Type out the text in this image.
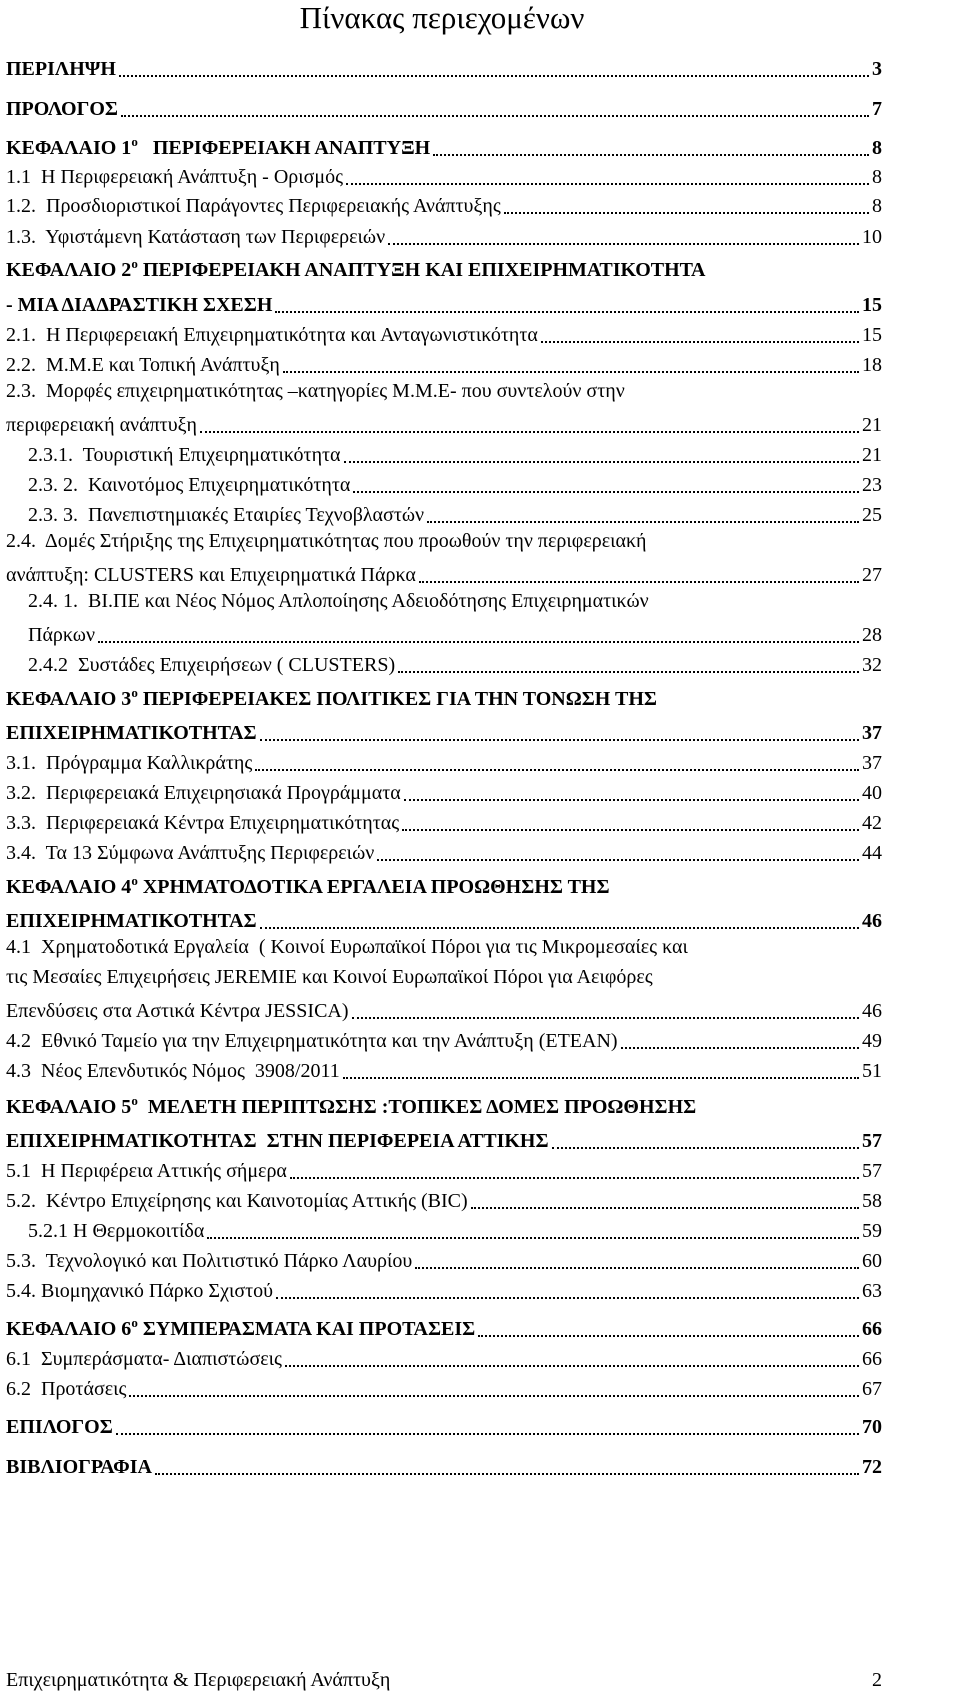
Πίνακας περιεχομένων
ΠΕΡΙΛΗΨΗ	3
ΠΡΟΛΟΓΟΣ	7
ΚΕΦΑΛΑΙΟ $1^o$   ΠΕΡΙΦΕΡΕΙΑΚΗ ΑΝΑΠΤΥΞΗ	8
1.1  Η Περιφερειακή Ανάπτυξη - Ορισμός	8
1.2.  Προσδιοριστικοί Παράγοντες Περιφερειακής Ανάπτυξης	8
1.3.  Υφιστάμενη Κατάσταση των Περιφερειών	10
ΚΕΦΑΛΑΙΟ $2^o$ ΠΕΡΙΦΕΡΕΙΑΚΗ ΑΝΑΠΤΥΞΗ ΚΑΙ ΕΠΙΧΕΙΡΗΜΑΤΙΚΟΤΗΤΑ
- ΜΙΑ ΔΙΑΔΡΑΣΤΙΚΗ ΣΧΕΣΗ	15
2.1.  Η Περιφερειακή Επιχειρηματικότητα και Ανταγωνιστικότητα	15
2.2.  Μ.Μ.Ε και Τοπική Ανάπτυξη	18
2.3.  Μορφές επιχειρηματικότητας –κατηγορίες Μ.Μ.Ε- που συντελούν στην
περιφερειακή ανάπτυξη	21
2.3.1.  Τουριστική Επιχειρηματικότητα	21
2.3. 2.  Καινοτόμος Επιχειρηματικότητα	23
2.3. 3.  Πανεπιστημιακές Εταιρίες Τεχνοβλαστών	25
2.4.  Δομές Στήριξης της Επιχειρηματικότητας που προωθούν την περιφερειακή
ανάπτυξη: CLUSTERS και Επιχειρηματικά Πάρκα	27
2.4. 1.  ΒΙ.ΠΕ και Νέος Νόμος Απλοποίησης Αδειοδότησης Επιχειρηματικών
Πάρκων	28
2.4.2  Συστάδες Επιχειρήσεων ( CLUSTERS)	32
ΚΕΦΑΛΑΙΟ $3^o$ ΠΕΡΙΦΕΡΕΙΑΚΕΣ ΠΟΛΙΤΙΚΕΣ ΓΙΑ ΤΗΝ ΤΟΝΩΣΗ ΤΗΣ
ΕΠΙΧΕΙΡΗΜΑΤΙΚΟΤΗΤΑΣ	37
3.1.  Πρόγραμμα Καλλικράτης	37
3.2.  Περιφερειακά Επιχειρησιακά Προγράμματα	40
3.3.  Περιφερειακά Κέντρα Επιχειρηματικότητας	42
3.4.  Τα 13 Σύμφωνα Ανάπτυξης Περιφερειών	44
ΚΕΦΑΛΑΙΟ $4^o$ ΧΡΗΜΑΤΟΔΟΤΙΚΑ ΕΡΓΑΛΕΙΑ ΠΡΟΩΘΗΣΗΣ ΤΗΣ
ΕΠΙΧΕΙΡΗΜΑΤΙΚΟΤΗΤΑΣ	46
4.1  Χρηματοδοτικά Εργαλεία  ( Κοινοί Ευρωπαϊκοί Πόροι για τις Μικρομεσαίες και
τις Μεσαίες Επιχειρήσεις JEREMIE και Κοινοί Ευρωπαϊκοί Πόροι για Αειφόρες
Επενδύσεις στα Αστικά Κέντρα JESSICA)	46
4.2  Εθνικό Ταμείο για την Επιχειρηματικότητα και την Ανάπτυξη (ΕΤΕΑΝ)	49
4.3  Νέος Επενδυτικός Νόμος  3908/2011	51
ΚΕΦΑΛΑΙΟ $5^o$  ΜΕΛΕΤΗ ΠΕΡΙΠΤΩΣΗΣ :ΤΟΠΙΚΕΣ ΔΟΜΕΣ ΠΡΟΩΘΗΣΗΣ
ΕΠΙΧΕΙΡΗΜΑΤΙΚΟΤΗΤΑΣ  ΣΤΗΝ ΠΕΡΙΦΕΡΕΙΑ ΑΤΤΙΚΗΣ	57
5.1  Η Περιφέρεια Αττικής σήμερα	57
5.2.  Κέντρο Επιχείρησης και Καινοτομίας Αττικής (BIC)	58
5.2.1 Η Θερμοκοιτίδα	59
5.3.  Τεχνολογικό και Πολιτιστικό Πάρκο Λαυρίου	60
5.4. Βιομηχανικό Πάρκο Σχιστού	63
ΚΕΦΑΛΑΙΟ $6^o$ ΣΥΜΠΕΡΑΣΜΑΤΑ ΚΑΙ ΠΡΟΤΑΣΕΙΣ	66
6.1  Συμπεράσματα- Διαπιστώσεις	66
6.2  Προτάσεις	67
ΕΠΙΛΟΓΟΣ	70
ΒΙΒΛΙΟΓΡΑΦΙΑ	72
Επιχειρηματικότητα & Περιφερειακή Ανάπτυξη	2
